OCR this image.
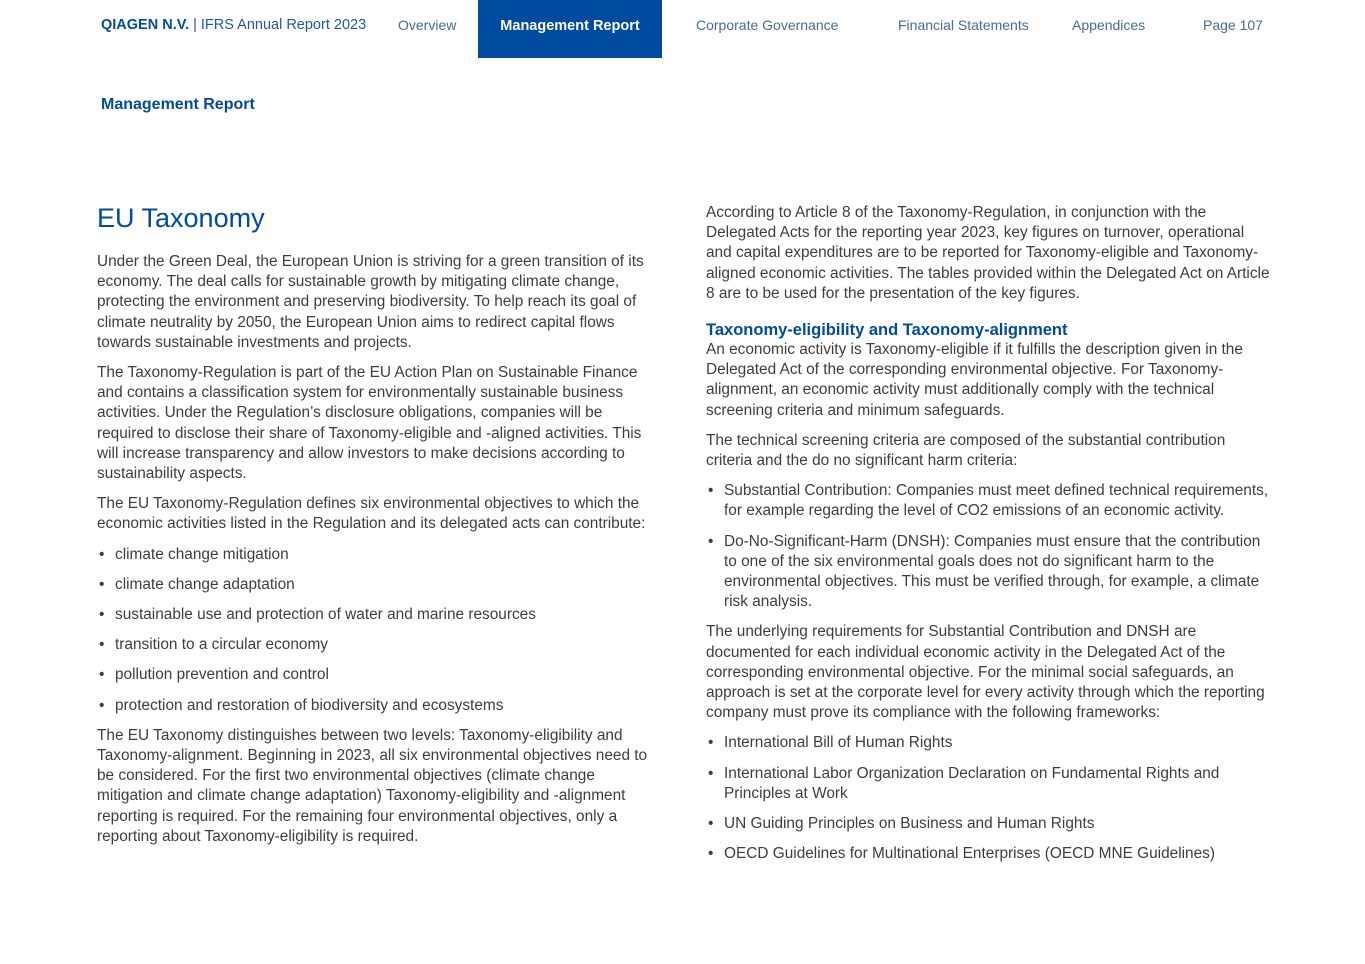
QIAGEN N.V. | IFRS Annual Report 2023 Overview	Management Report	Corporate Governance	Financial Statements	Appendices	Page 107
Management Report
EU Taxonomy

Under the Green Deal, the European Union is striving for a green transition of its economy. The deal calls for sustainable growth by mitigating climate change, protecting the environment and preserving biodiversity. To help reach its goal of climate neutrality by 2050, the European Union aims to redirect capital flows towards sustainable investments and projects.

The Taxonomy-Regulation is part of the EU Action Plan on Sustainable Finance and contains a classification system for environmentally sustainable business activities. Under the Regulation’s disclosure obligations, companies will be required to disclose their share of Taxonomy-eligible and -aligned activities. This will increase transparency and allow investors to make decisions according to sustainability aspects.

The EU Taxonomy-Regulation defines six environmental objectives to which the economic activities listed in the Regulation and its delegated acts can contribute:

• climate change mitigation
• climate change adaptation
• sustainable use and protection of water and marine resources
• transition to a circular economy
• pollution prevention and control
• protection and restoration of biodiversity and ecosystems

The EU Taxonomy distinguishes between two levels: Taxonomy-eligibility and Taxonomy-alignment. Beginning in 2023, all six environmental objectives need to be considered. For the first two environmental objectives (climate change mitigation and climate change adaptation) Taxonomy-eligibility and -alignment reporting is required. For the remaining four environmental objectives, only a reporting about Taxonomy-eligibility is required.

According to Article 8 of the Taxonomy-Regulation, in conjunction with the Delegated Acts for the reporting year 2023, key figures on turnover, operational and capital expenditures are to be reported for Taxonomy-eligible and Taxonomy-aligned economic activities. The tables provided within the Delegated Act on Article 8 are to be used for the presentation of the key figures.

Taxonomy-eligibility and Taxonomy-alignment

An economic activity is Taxonomy-eligible if it fulfills the description given in the Delegated Act of the corresponding environmental objective. For Taxonomy-alignment, an economic activity must additionally comply with the technical screening criteria and minimum safeguards.

The technical screening criteria are composed of the substantial contribution criteria and the do no significant harm criteria:

• Substantial Contribution: Companies must meet defined technical requirements, for example regarding the level of CO2 emissions of an economic activity.
• Do-No-Significant-Harm (DNSH): Companies must ensure that the contribution to one of the six environmental goals does not do significant harm to the environmental objectives. This must be verified through, for example, a climate risk analysis.

The underlying requirements for Substantial Contribution and DNSH are documented for each individual economic activity in the Delegated Act of the corresponding environmental objective. For the minimal social safeguards, an approach is set at the corporate level for every activity through which the reporting company must prove its compliance with the following frameworks:

• International Bill of Human Rights
• International Labor Organization Declaration on Fundamental Rights and Principles at Work
• UN Guiding Principles on Business and Human Rights
• OECD Guidelines for Multinational Enterprises (OECD MNE Guidelines)
